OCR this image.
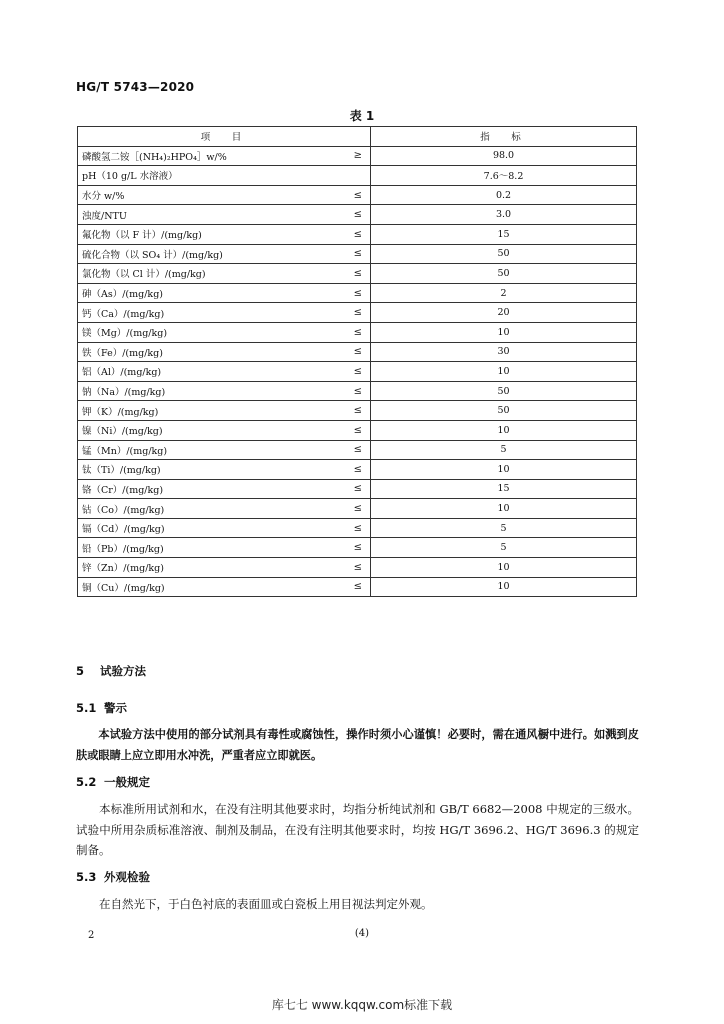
HG/T 5743—2020
表 1
项　目		指　标
磷酸氢二铵［(NH₄)₂HPO₄］w/%	≥	98.0
pH（10 g/L 水溶液）		7.6～8.2
水分 w/%	≤	0.2
浊度/NTU	≤	3.0
氟化物（以 F 计）/(mg/kg)	≤	15
硫化合物（以 SO₄ 计）/(mg/kg)	≤	50
氯化物（以 Cl 计）/(mg/kg)	≤	50
砷（As）/(mg/kg)	≤	2
钙（Ca）/(mg/kg)	≤	20
镁（Mg）/(mg/kg)	≤	10
铁（Fe）/(mg/kg)	≤	30
铝（Al）/(mg/kg)	≤	10
钠（Na）/(mg/kg)	≤	50
钾（K）/(mg/kg)	≤	50
镍（Ni）/(mg/kg)	≤	10
锰（Mn）/(mg/kg)	≤	5
钛（Ti）/(mg/kg)	≤	10
铬（Cr）/(mg/kg)	≤	15
钴（Co）/(mg/kg)	≤	10
镉（Cd）/(mg/kg)	≤	5
铅（Pb）/(mg/kg)	≤	5
锌（Zn）/(mg/kg)	≤	10
铜（Cu）/(mg/kg)	≤	10
5 试验方法
5.1 警示
本试验方法中使用的部分试剂具有毒性或腐蚀性，操作时须小心谨慎！必要时，需在通风橱中进行。如溅到皮肤或眼睛上应立即用水冲洗，严重者应立即就医。
5.2 一般规定
本标准所用试剂和水，在没有注明其他要求时，均指分析纯试剂和 GB/T 6682—2008 中规定的三级水。试验中所用杂质标准溶液、制剂及制品，在没有注明其他要求时，均按 HG/T 3696.2、HG/T 3696.3 的规定制备。
5.3 外观检验
在自然光下，于白色衬底的表面皿或白瓷板上用目视法判定外观。
2	(4)
库七七 www.kqqw.com标准下载
